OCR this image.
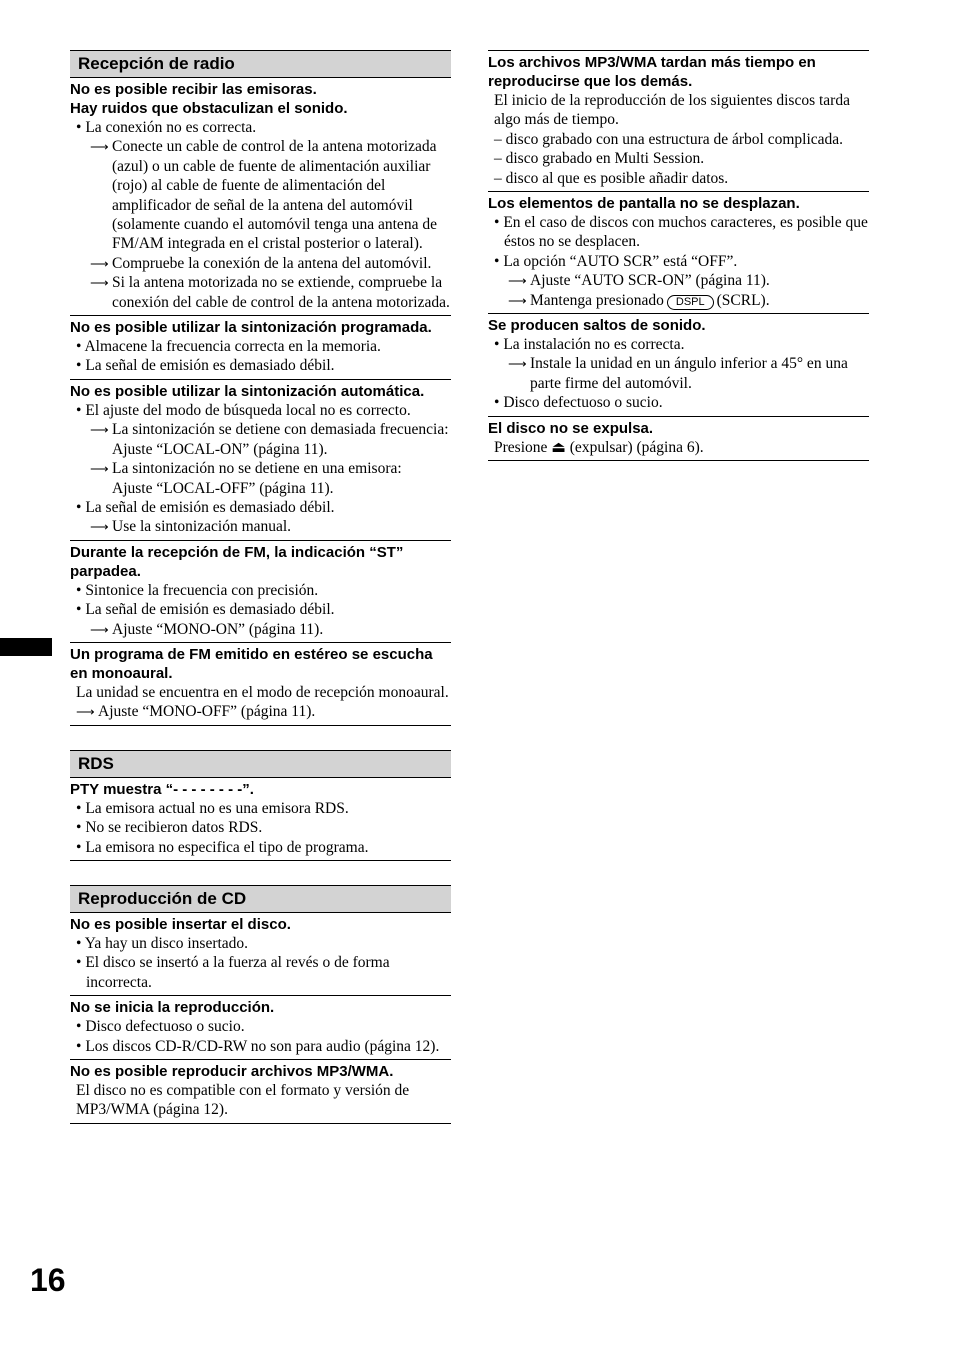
Recepción de radio
No es posible recibir las emisoras.
Hay ruidos que obstaculizan el sonido.
• La conexión no es correcta.
⟶ Conecte un cable de control de la antena motorizada (azul) o un cable de fuente de alimentación auxiliar (rojo) al cable de fuente de alimentación del amplificador de señal de la antena del automóvil (solamente cuando el automóvil tenga una antena de FM/AM integrada en el cristal posterior o lateral).
⟶ Compruebe la conexión de la antena del automóvil.
⟶ Si la antena motorizada no se extiende, compruebe la conexión del cable de control de la antena motorizada.
No es posible utilizar la sintonización programada.
• Almacene la frecuencia correcta en la memoria.
• La señal de emisión es demasiado débil.
No es posible utilizar la sintonización automática.
• El ajuste del modo de búsqueda local no es correcto.
⟶ La sintonización se detiene con demasiada frecuencia:
Ajuste “LOCAL-ON” (página 11).
⟶ La sintonización no se detiene en una emisora:
Ajuste “LOCAL-OFF” (página 11).
• La señal de emisión es demasiado débil.
⟶ Use la sintonización manual.
Durante la recepción de FM, la indicación “ST” parpadea.
• Sintonice la frecuencia con precisión.
• La señal de emisión es demasiado débil.
⟶ Ajuste “MONO-ON” (página 11).
Un programa de FM emitido en estéreo se escucha en monoaural.
La unidad se encuentra en el modo de recepción monoaural.
⟶ Ajuste “MONO-OFF” (página 11).
RDS
PTY muestra “- - - - - - - -”.
• La emisora actual no es una emisora RDS.
• No se recibieron datos RDS.
• La emisora no especifica el tipo de programa.
Reproducción de CD
No es posible insertar el disco.
• Ya hay un disco insertado.
• El disco se insertó a la fuerza al revés o de forma incorrecta.
No se inicia la reproducción.
• Disco defectuoso o sucio.
• Los discos CD-R/CD-RW no son para audio (página 12).
No es posible reproducir archivos MP3/WMA.
El disco no es compatible con el formato y versión de MP3/WMA (página 12).
Los archivos MP3/WMA tardan más tiempo en reproducirse que los demás.
El inicio de la reproducción de los siguientes discos tarda algo más de tiempo.
– disco grabado con una estructura de árbol complicada.
– disco grabado en Multi Session.
– disco al que es posible añadir datos.
Los elementos de pantalla no se desplazan.
• En el caso de discos con muchos caracteres, es posible que éstos no se desplacen.
• La opción “AUTO SCR” está “OFF”.
⟶ Ajuste “AUTO SCR-ON” (página 11).
⟶ Mantenga presionado DSPL (SCRL).
Se producen saltos de sonido.
• La instalación no es correcta.
⟶ Instale la unidad en un ángulo inferior a 45° en una parte firme del automóvil.
• Disco defectuoso o sucio.
El disco no se expulsa.
Presione ⏏ (expulsar) (página 6).
16
